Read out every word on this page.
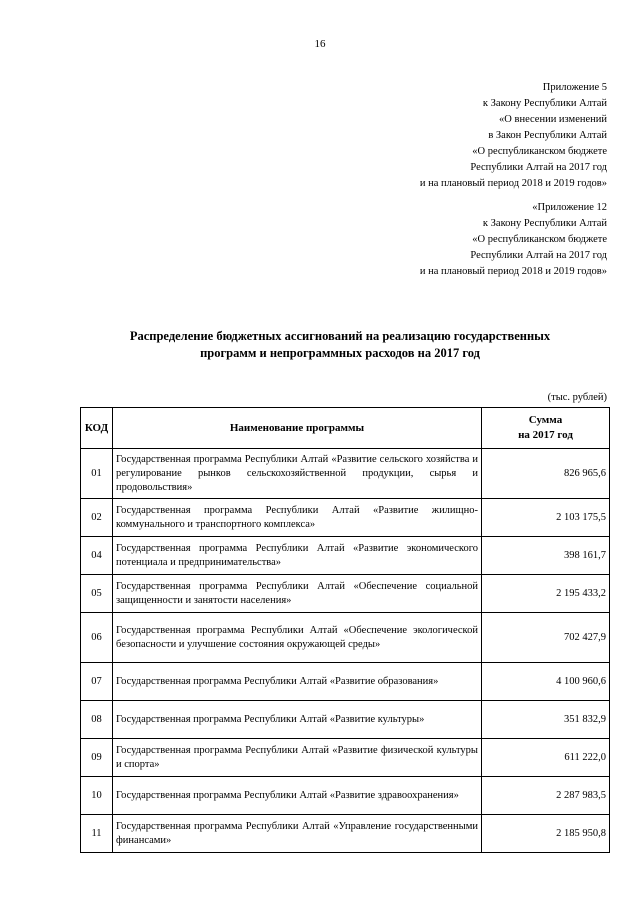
16
Приложение 5
к Закону Республики Алтай
«О внесении изменений
в Закон Республики Алтай
«О республиканском бюджете
Республики Алтай на 2017 год
и на плановый период 2018 и 2019 годов»
«Приложение 12
к Закону Республики Алтай
«О республиканском бюджете
Республики Алтай на 2017 год
и на плановый период 2018 и 2019 годов»
Распределение бюджетных ассигнований на реализацию государственных
программ и непрограммных расходов на 2017 год
(тыс. рублей)
КОД	Наименование программы	Сумма
на 2017 год

01	Государственная программа Республики Алтай «Развитие сельского хозяйства и регулирование рынков сельскохозяйственной продукции, сырья и продовольствия»	826 965,6
02	Государственная программа Республики Алтай «Развитие жилищно-коммунального и транспортного комплекса»	2 103 175,5
04	Государственная программа Республики Алтай «Развитие экономического потенциала и предпринимательства»	398 161,7
05	Государственная программа Республики Алтай «Обеспечение социальной защищенности и занятости населения»	2 195 433,2
06	Государственная программа Республики Алтай «Обеспечение экологической безопасности и улучшение состояния окружающей среды»	702 427,9
07	Государственная программа Республики Алтай «Развитие образования»	4 100 960,6
08	Государственная программа Республики Алтай «Развитие культуры»	351 832,9
09	Государственная программа Республики Алтай «Развитие физической культуры и спорта»	611 222,0
10	Государственная программа Республики Алтай «Развитие здравоохранения»	2 287 983,5
11	Государственная программа Республики Алтай «Управление государственными финансами»	2 185 950,8
